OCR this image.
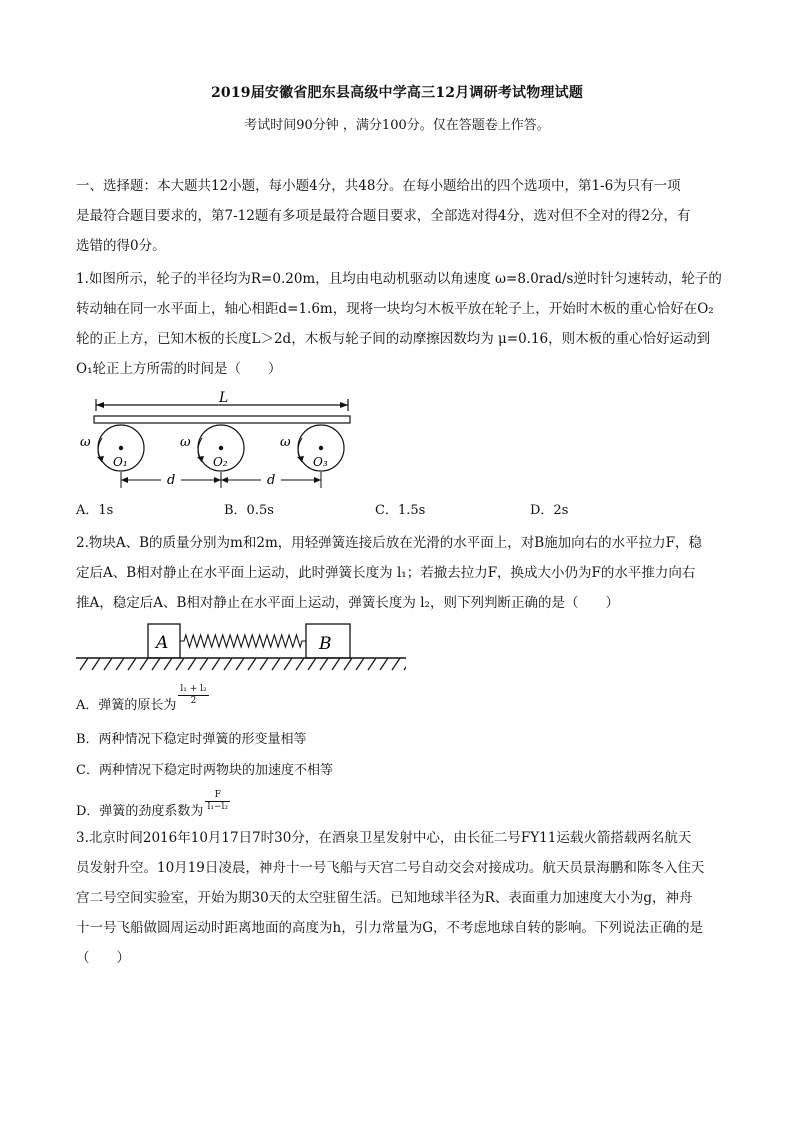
2019届安徽省肥东县高级中学高三12月调研考试物理试题
考试时间90分钟 ，满分100分。仅在答题卷上作答。
一、选择题：本大题共12小题，每小题4分，共48分。在每小题给出的四个选项中，第1-6为只有一项
是最符合题目要求的，第7-12题有多项是最符合题目要求，全部选对得4分，选对但不全对的得2分，有
选错的得0分。
1.如图所示，轮子的半径均为R=0.20m，且均由电动机驱动以角速度 ω=8.0rad/s逆时针匀速转动，轮子的
转动轴在同一水平面上，轴心相距d=1.6m，现将一块均匀木板平放在轮子上，开始时木板的重心恰好在O₂
轮的正上方，已知木板的长度L＞2d，木板与轮子间的动摩擦因数均为 μ=0.16，则木板的重心恰好运动到
O₁轮正上方所需的时间是（　　）
L
O₁	O₂	O₃
ω	ω	ω
d	d
A．1s	B．0.5s	C．1.5s	D．2s
2.物块A、B的质量分别为m和2m，用轻弹簧连接后放在光滑的水平面上，对B施加向右的水平拉力F，稳
定后A、B相对静止在水平面上运动，此时弹簧长度为 l₁；若撤去拉力F，换成大小仍为F的水平推力向右
推A，稳定后A、B相对静止在水平面上运动，弹簧长度为 l₂，则下列判断正确的是（　　）
A	B
A．弹簧的原长为 $\frac{\text{l₁ + l₂}}{2}$
B．两种情况下稳定时弹簧的形变量相等
C．两种情况下稳定时两物块的加速度不相等
D．弹簧的劲度系数为 $\frac{F}{\text{l₁−l₂}}$
3.北京时间2016年10月17日7时30分，在酒泉卫星发射中心，由长征二号FY11运载火箭搭载两名航天
员发射升空。10月19日凌晨，神舟十一号飞船与天宫二号自动交会对接成功。航天员景海鹏和陈冬入住天
宫二号空间实验室，开始为期30天的太空驻留生活。已知地球半径为R、表面重力加速度大小为g，神舟
十一号飞船做圆周运动时距离地面的高度为h，引力常量为G，不考虑地球自转的影响。下列说法正确的是
（　　）
